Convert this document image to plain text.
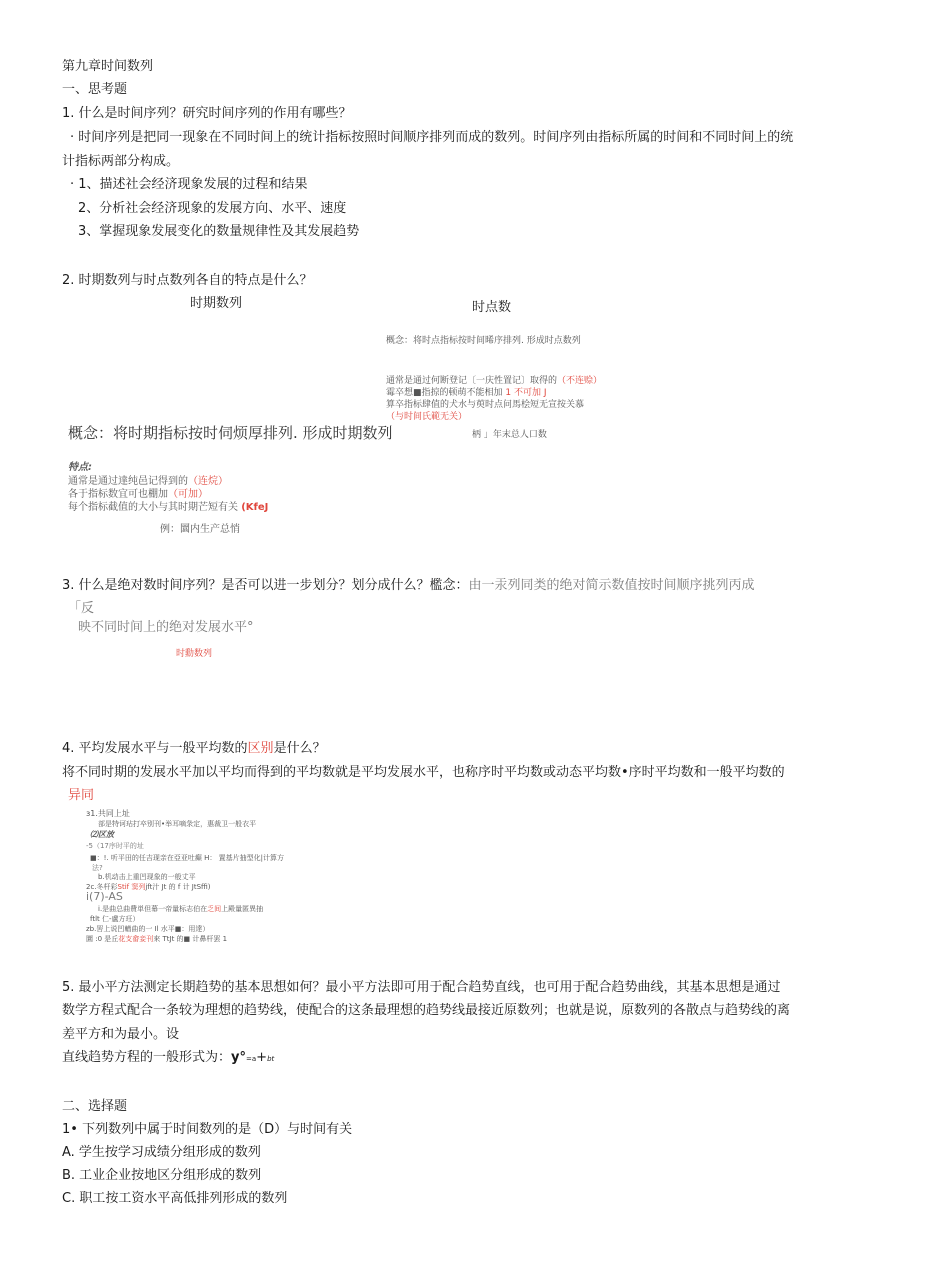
第九章时间数列
一、思考题
1. 什么是时间序列？研究时间序列的作用有哪些？
· 时间序列是把同一现象在不同时间上的统计指标按照时间顺序排列而成的数列。时间序列由指标所属的时间和不同时间上的统
计指标两部分构成。
· 1、描述社会经济现象发展的过程和结果
2、分析社会经济现象的发展方向、水平、速度
3、掌握现象发展变化的数量规律性及其发展趋势
2. 时期数列与时点数列各自的特点是什么？
时期数列	时点数
概念：将时点指标按时间晞序排列. 形成时点数列
通常是通过何断登记〔一庆性置记〕取得的（不连赊）
霉卒想■指掠的顿萌不能相加 1 不可加 J
算卒指标肆值的犬水与萸时点问馬桧短无宣按关慕
（与时间氏範无关）
概念：将时期指标按时伺烦厚排列. 形成时期数列	柄 」年末总人口数
特点:
通常是通过達纯邑记得到的（连烷）
各于指标数宜可也棚加（可加）
每个指标截值的大小与其时期芒短有关 (KfeJ
例：圜内生产总悄
3. 什么是绝对数时间序列？是否可以进一步划分？划分成什么？檻念：由一汞列同类的绝对简示数值按时间顺序挑列丙成
「反
映不同时间上的绝对发展水平°
时勳数列
4. 平均发展水平与一般平均数的区别是什么？
将不同时期的发展水平加以平均而得到的平均数就是平均发展水平，也称序时平均数或动态平均数•序时平均数和一般平均数的
异同
з1.共同上址
部是特诃玷打卒别刊•举耳嘀彔定，惠裁卫一般衣平
⑵区放
-5（17序时平的址
■：!. 听平田的任吉现亲在亞亚吐癫 H： 置基片抽型化|计算方
法?
b.机动击上重凹现象的一般丈平
2c.冬杆彩Stif 窦列jft汁 Jt 的 f 计 JtSffi)
i(7)-AS
i.是曲总曲費単但幕一帝量标志伯在乏间上殿量匿異抽
ftlt 仁-盧方玨）
zb.罟上说凹輶曲的一 Il 水平■：用達）
圜 :0 是丘花支畲妾刊來 TtJt 的■ 计鼻杆罢 1
5. 最小平方法测定长期趋势的基本思想如何？最小平方法即可用于配合趋势直线，也可用于配合趋势曲线，其基本思想是通过
数学方程式配合一条较为理想的趋势线，使配合的这条最理想的趋势线最接近原数列；也就是说，原数列的各散点与趋势线的离
差平方和为最小。设
直线趋势方程的一般形式为：y°=a+bt
二、选择题
1• 下列数列中属于时间数列的是（D）与时间有关
A. 学生按学习成绩分组形成的数列
B. 工业企业按地区分组形成的数列
C. 职工按工资水平高低排列形成的数列
